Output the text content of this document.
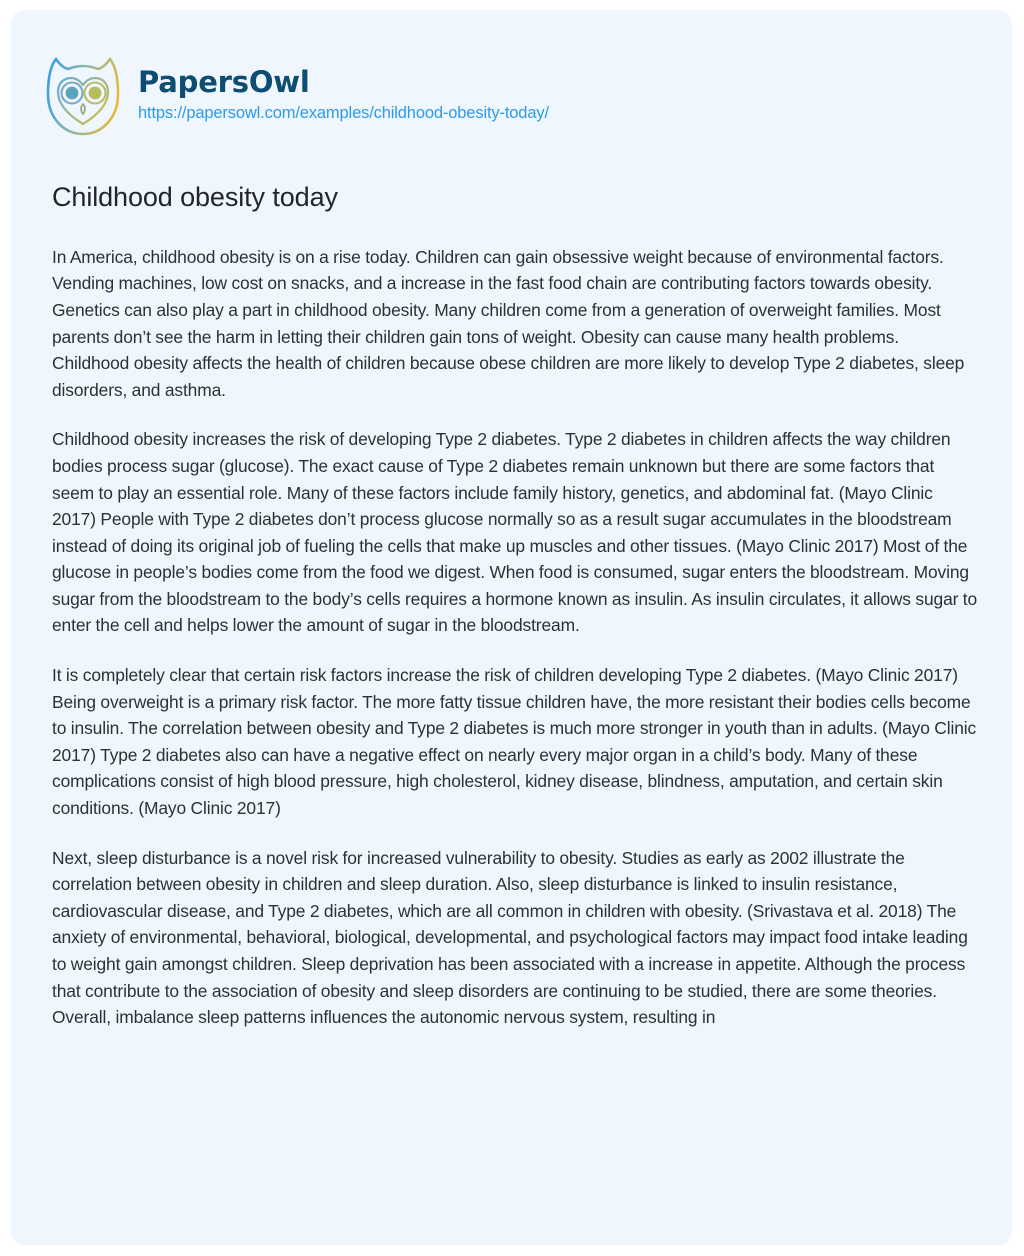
PapersOwl
https://papersowl.com/examples/childhood-obesity-today/
Childhood obesity today

In America, childhood obesity is on a rise today. Children can gain obsessive weight because of environmental factors. Vending machines, low cost on snacks, and a increase in the fast food chain are contributing factors towards obesity. Genetics can also play a part in childhood obesity. Many children come from a generation of overweight families. Most parents don’t see the harm in letting their children gain tons of weight. Obesity can cause many health problems. Childhood obesity affects the health of children because obese children are more likely to develop Type 2 diabetes, sleep disorders, and asthma.

Childhood obesity increases the risk of developing Type 2 diabetes. Type 2 diabetes in children affects the way children bodies process sugar (glucose). The exact cause of Type 2 diabetes remain unknown but there are some factors that seem to play an essential role. Many of these factors include family history, genetics, and abdominal fat. (Mayo Clinic 2017) People with Type 2 diabetes don’t process glucose normally so as a result sugar accumulates in the bloodstream instead of doing its original job of fueling the cells that make up muscles and other tissues. (Mayo Clinic 2017) Most of the glucose in people’s bodies come from the food we digest. When food is consumed, sugar enters the bloodstream. Moving sugar from the bloodstream to the body’s cells requires a hormone known as insulin. As insulin circulates, it allows sugar to enter the cell and helps lower the amount of sugar in the bloodstream.

It is completely clear that certain risk factors increase the risk of children developing Type 2 diabetes. (Mayo Clinic 2017) Being overweight is a primary risk factor. The more fatty tissue children have, the more resistant their bodies cells become to insulin. The correlation between obesity and Type 2 diabetes is much more stronger in youth than in adults. (Mayo Clinic 2017) Type 2 diabetes also can have a negative effect on nearly every major organ in a child’s body. Many of these complications consist of high blood pressure, high cholesterol, kidney disease, blindness, amputation, and certain skin conditions. (Mayo Clinic 2017)

Next, sleep disturbance is a novel risk for increased vulnerability to obesity. Studies as early as 2002 illustrate the correlation between obesity in children and sleep duration. Also, sleep disturbance is linked to insulin resistance, cardiovascular disease, and Type 2 diabetes, which are all common in children with obesity. (Srivastava et al. 2018) The anxiety of environmental, behavioral, biological, developmental, and psychological factors may impact food intake leading to weight gain amongst children. Sleep deprivation has been associated with a increase in appetite. Although the process that contribute to the association of obesity and sleep disorders are continuing to be studied, there are some theories. Overall, imbalance sleep patterns influences the autonomic nervous system, resulting in
